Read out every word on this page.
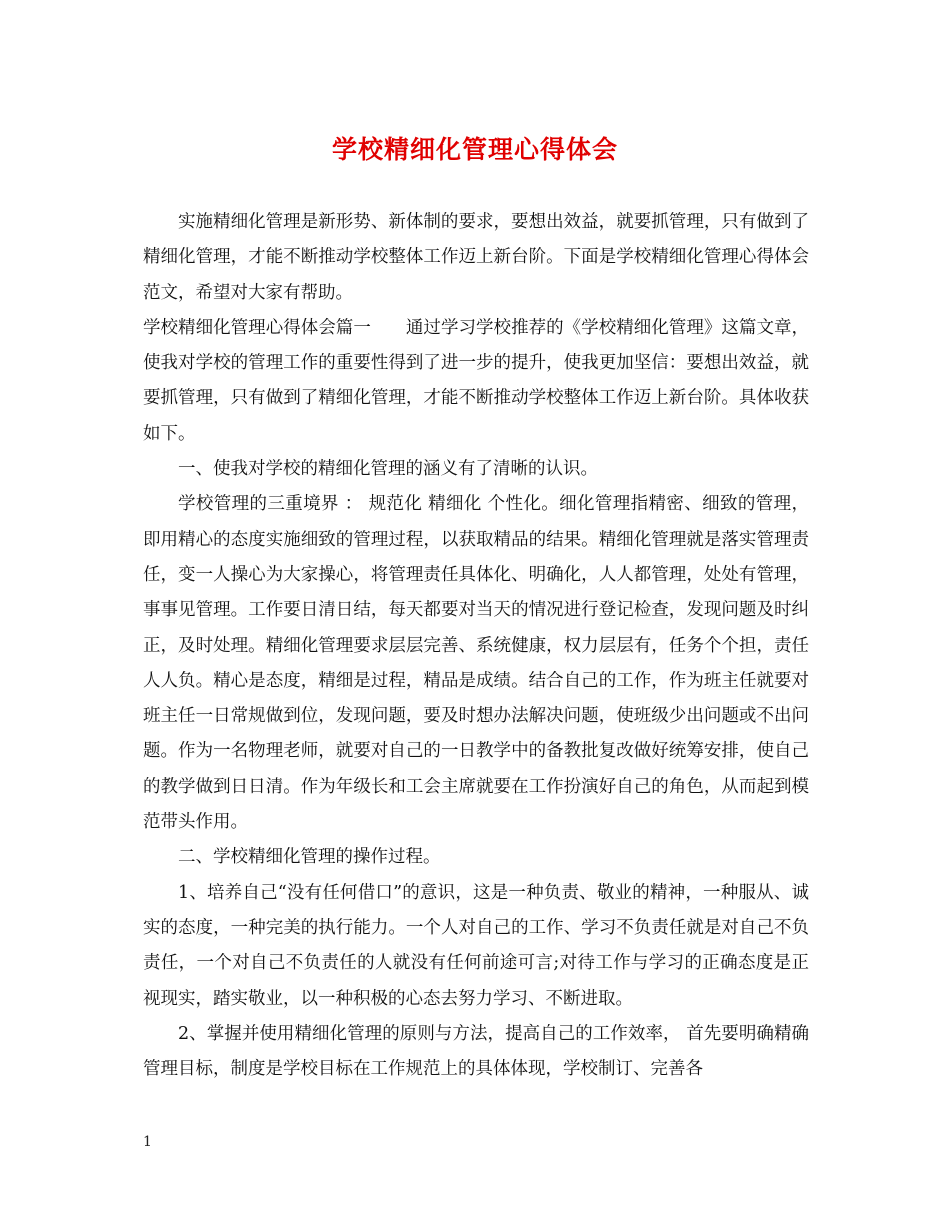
学校精细化管理心得体会

实施精细化管理是新形势、新体制的要求，要想出效益，就要抓管理，只有做到了精细化管理，才能不断推动学校整体工作迈上新台阶。下面是学校精细化管理心得体会范文，希望对大家有帮助。

学校精细化管理心得体会篇一　　通过学习学校推荐的《学校精细化管理》这篇文章，使我对学校的管理工作的重要性得到了进一步的提升，使我更加坚信：要想出效益，就要抓管理，只有做到了精细化管理，才能不断推动学校整体工作迈上新台阶。具体收获如下。

一、使我对学校的精细化管理的涵义有了清晰的认识。

学校管理的三重境界 ： 规范化 精细化 个性化。细化管理指精密、细致的管理，即用精心的态度实施细致的管理过程，以获取精品的结果。精细化管理就是落实管理责任，变一人操心为大家操心，将管理责任具体化、明确化，人人都管理，处处有管理，事事见管理。工作要日清日结，每天都要对当天的情况进行登记检查，发现问题及时纠正，及时处理。精细化管理要求层层完善、系统健康，权力层层有，任务个个担，责任人人负。精心是态度，精细是过程，精品是成绩。结合自己的工作，作为班主任就要对班主任一日常规做到位，发现问题，要及时想办法解决问题，使班级少出问题或不出问题。作为一名物理老师，就要对自己的一日教学中的备教批复改做好统筹安排，使自己的教学做到日日清。作为年级长和工会主席就要在工作扮演好自己的角色，从而起到模范带头作用。

二、学校精细化管理的操作过程。

1、培养自己“没有任何借口”的意识，这是一种负责、敬业的精神，一种服从、诚实的态度，一种完美的执行能力。一个人对自己的工作、学习不负责任就是对自己不负责任，一个对自己不负责任的人就没有任何前途可言;对待工作与学习的正确态度是正视现实，踏实敬业，以一种积极的心态去努力学习、不断进取。

2、掌握并使用精细化管理的原则与方法，提高自己的工作效率， 首先要明确精确管理目标，制度是学校目标在工作规范上的具体体现，学校制订、完善各

1
